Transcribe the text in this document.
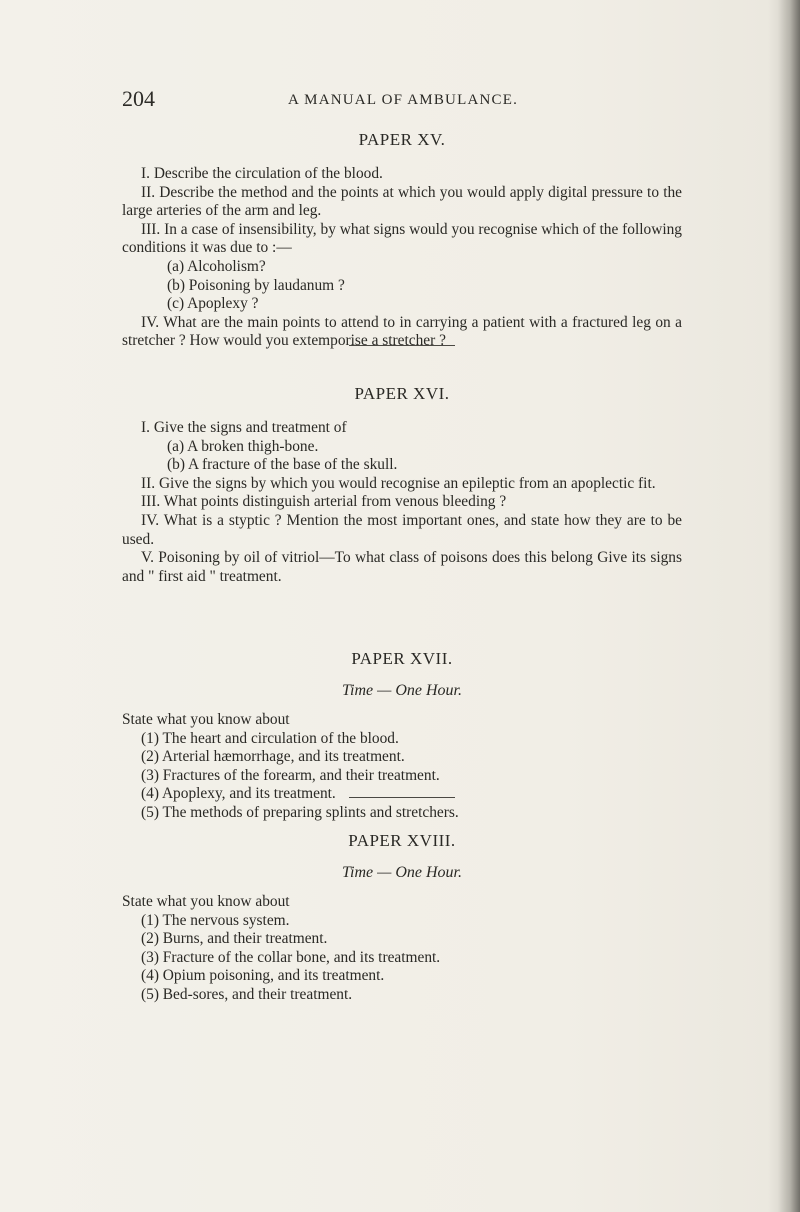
204	A MANUAL OF AMBULANCE.

PAPER XV.

I. Describe the circulation of the blood.

II. Describe the method and the points at which you would apply digital pressure to the large arteries of the arm and leg.

III. In a case of insensibility, by what signs would you recognise which of the following conditions it was due to :—

(a) Alcoholism?

(b) Poisoning by laudanum ?

(c) Apoplexy ?

IV. What are the main points to attend to in carrying a patient with a fractured leg on a stretcher ? How would you extemporise a stretcher ?

PAPER XVI.

I. Give the signs and treatment of

(a) A broken thigh-bone.

(b) A fracture of the base of the skull.

II. Give the signs by which you would recognise an epileptic from an apoplectic fit.

III. What points distinguish arterial from venous bleeding ?

IV. What is a styptic ? Mention the most important ones, and state how they are to be used.

V. Poisoning by oil of vitriol—To what class of poisons does this belong Give its signs and " first aid " treatment.

PAPER XVII.

Time — One Hour.

State what you know about

(1) The heart and circulation of the blood.

(2) Arterial hæmorrhage, and its treatment.

(3) Fractures of the forearm, and their treatment.

(4) Apoplexy, and its treatment.

(5) The methods of preparing splints and stretchers.

PAPER XVIII.

Time — One Hour.

State what you know about

(1) The nervous system.

(2) Burns, and their treatment.

(3) Fracture of the collar bone, and its treatment.

(4) Opium poisoning, and its treatment.

(5) Bed-sores, and their treatment.
